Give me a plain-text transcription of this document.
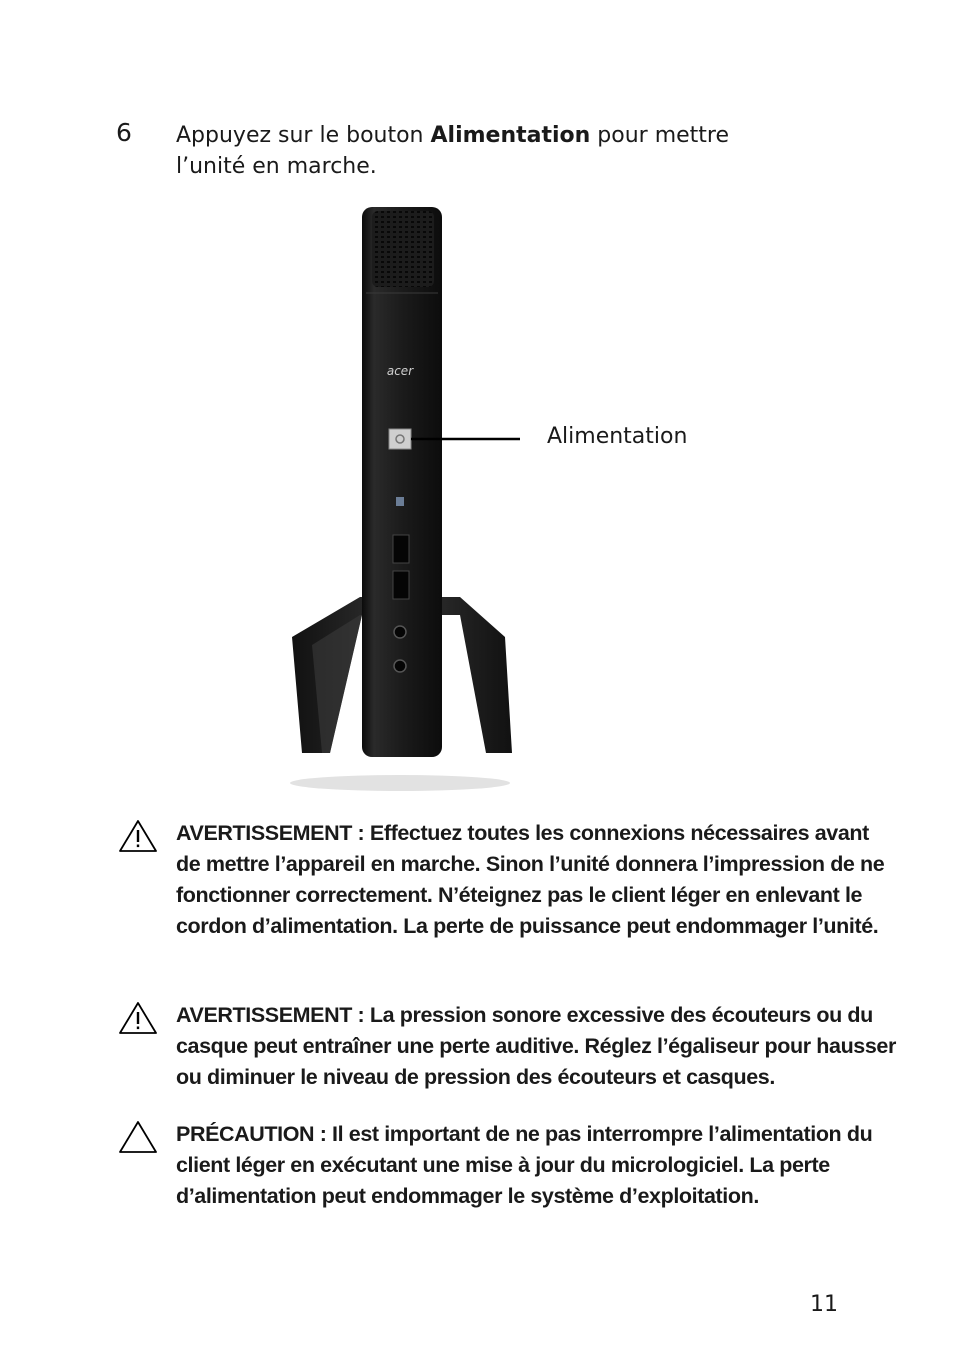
6 Appuyez sur le bouton Alimentation pour mettre l’unité en marche.
acer
Alimentation
AVERTISSEMENT : Effectuez toutes les connexions nécessaires avant de mettre l’appareil en marche. Sinon l’unité donnera l’impression de ne fonctionner correctement. N’éteignez pas le client léger en enlevant le cordon d’alimentation. La perte de puissance peut endommager l’unité.
AVERTISSEMENT : La pression sonore excessive des écouteurs ou du casque peut entraîner une perte auditive. Réglez l’égaliseur pour hausser ou diminuer le niveau de pression des écouteurs et casques.
PRÉCAUTION : Il est important de ne pas interrompre l’alimentation du client léger en exécutant une mise à jour du micrologiciel. La perte d’alimentation peut endommager le système d’exploitation.
11
